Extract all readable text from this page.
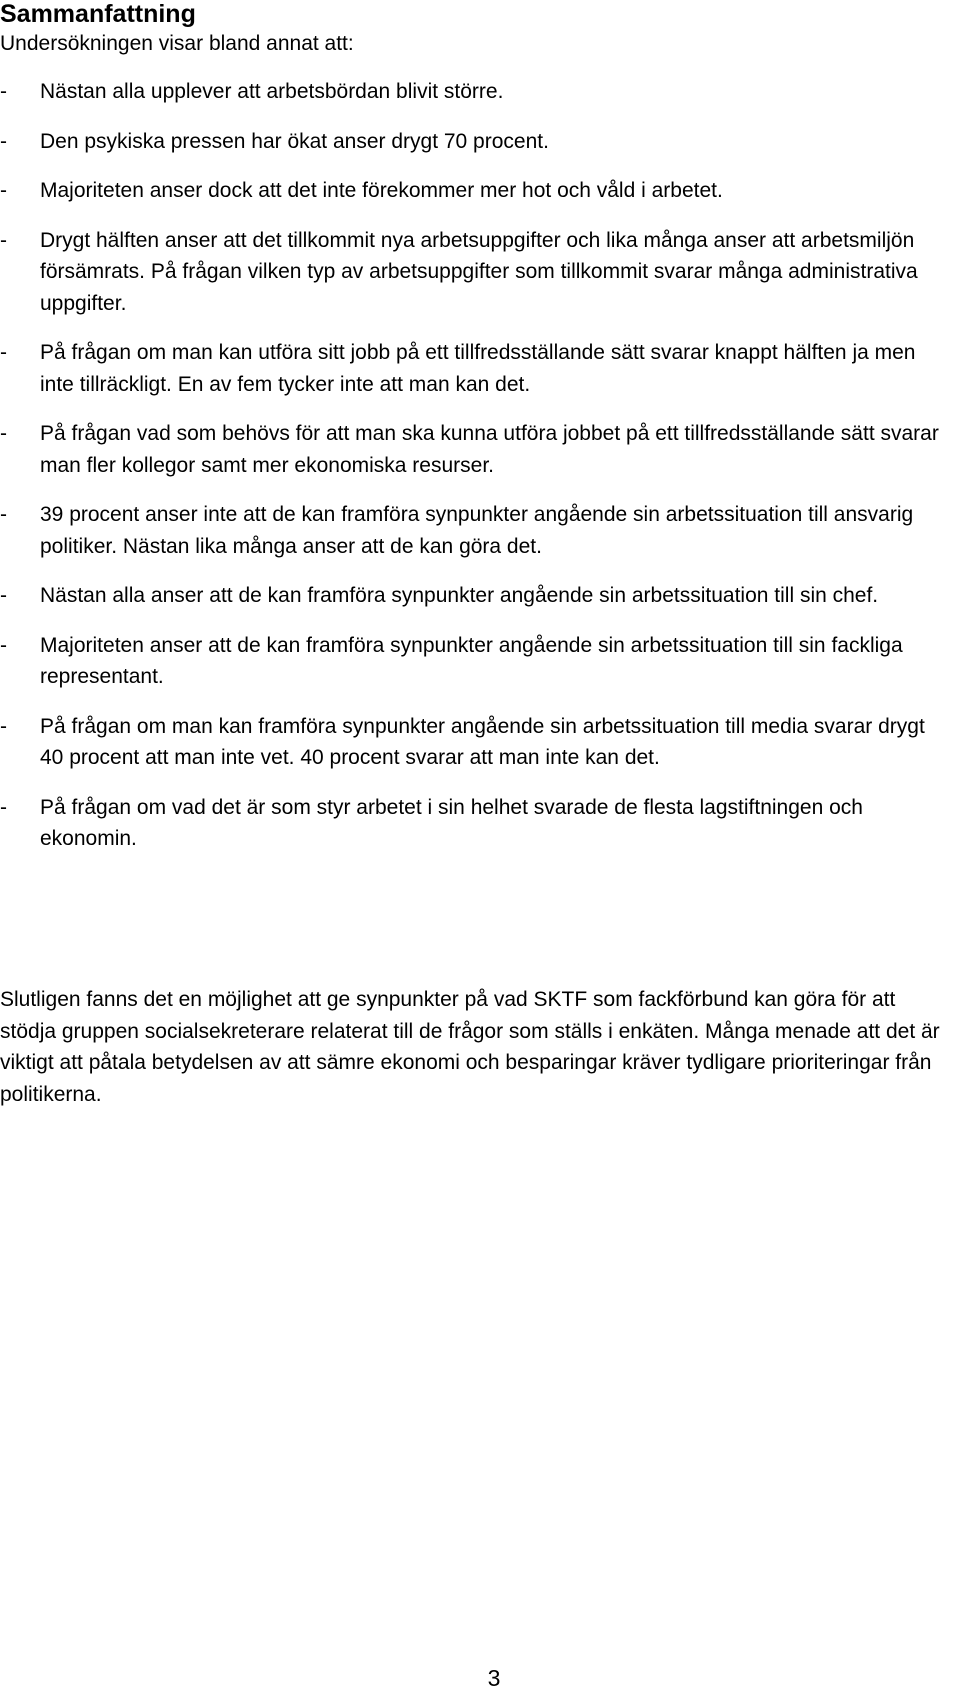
Sammanfattning

Undersökningen visar bland annat att:

-	Nästan alla upplever att arbetsbördan blivit större.
-	Den psykiska pressen har ökat anser drygt 70 procent.
-	Majoriteten anser dock att det inte förekommer mer hot och våld i arbetet.
-	Drygt hälften anser att det tillkommit nya arbetsuppgifter och lika många anser att arbetsmiljön försämrats. På frågan vilken typ av arbetsuppgifter som tillkommit svarar många administrativa uppgifter.
-	På frågan om man kan utföra sitt jobb på ett tillfredsställande sätt svarar knappt hälften ja men inte tillräckligt. En av fem tycker inte att man kan det.
-	På frågan vad som behövs för att man ska kunna utföra jobbet på ett tillfredsställande sätt svarar man fler kollegor samt mer ekonomiska resurser.
-	39 procent anser inte att de kan framföra synpunkter angående sin arbetssituation till ansvarig politiker. Nästan lika många anser att de kan göra det.
-	Nästan alla anser att de kan framföra synpunkter angående sin arbetssituation till sin chef.
-	Majoriteten anser att de kan framföra synpunkter angående sin arbetssituation till sin fackliga representant.
-	På frågan om man kan framföra synpunkter angående sin arbetssituation till media svarar drygt 40 procent att man inte vet. 40 procent svarar att man inte kan det.
-	På frågan om vad det är som styr arbetet i sin helhet svarade de flesta lagstiftningen och ekonomin.

Slutligen fanns det en möjlighet att ge synpunkter på vad SKTF som fackförbund kan göra för att stödja gruppen socialsekreterare relaterat till de frågor som ställs i enkäten. Många menade att det är viktigt att påtala betydelsen av att sämre ekonomi och besparingar kräver tydligare prioriteringar från politikerna.

3
